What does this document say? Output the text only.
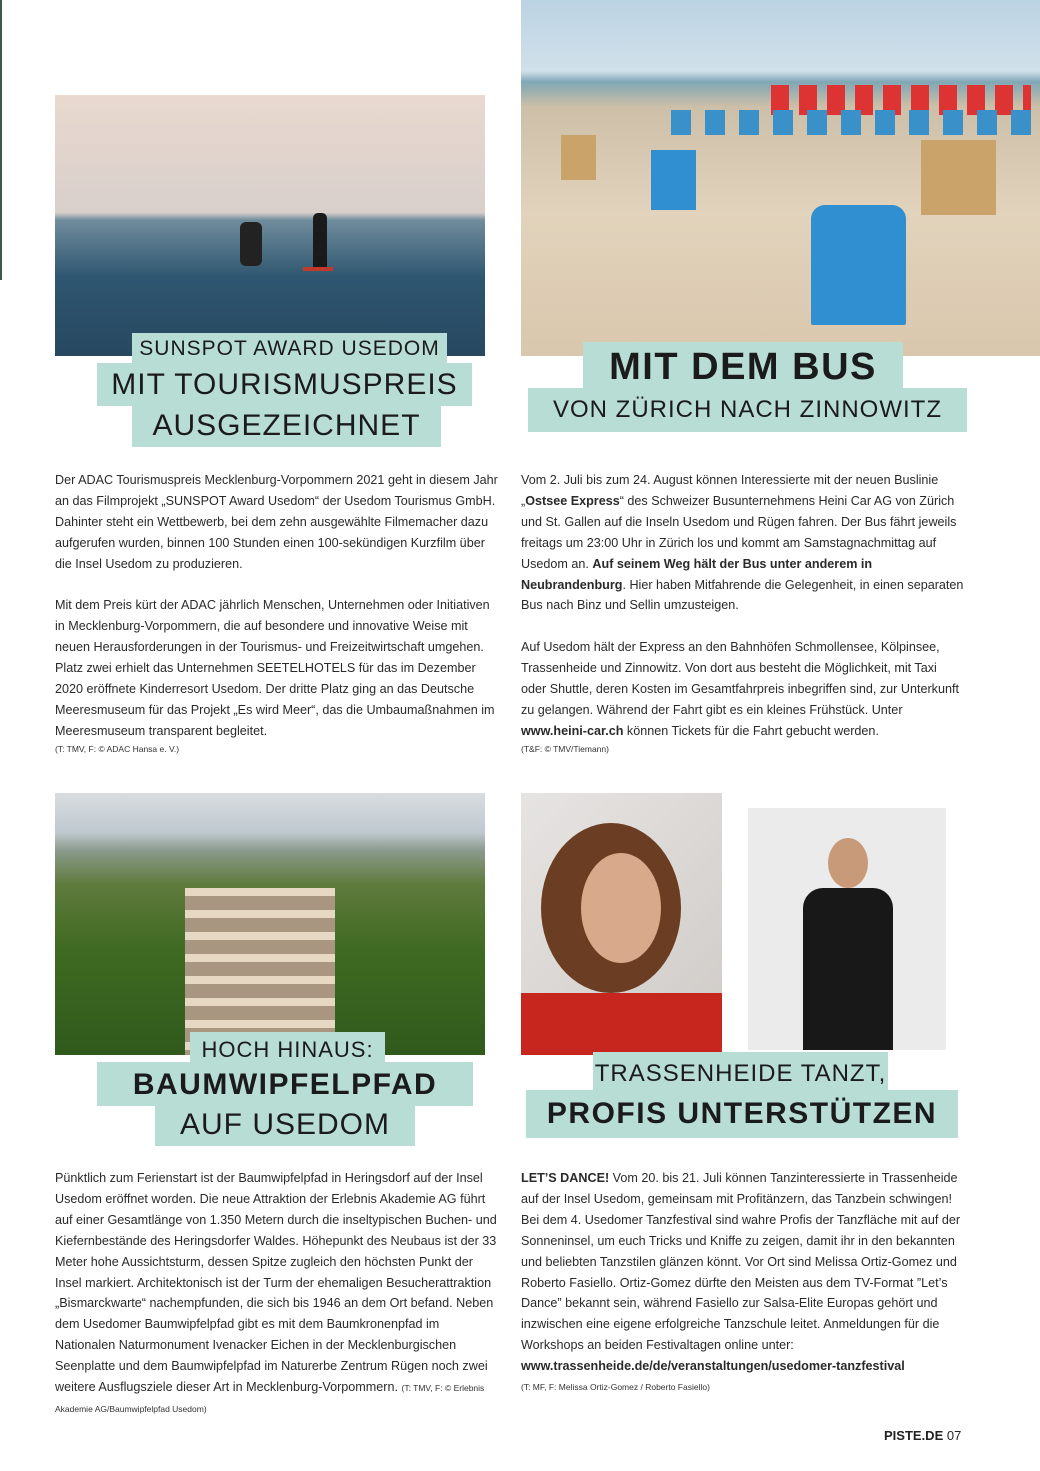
SUNSPOT AWARD USEDOM
MIT TOURISMUSPREIS
AUSGEZEICHNET
MIT DEM BUS
VON ZÜRICH NACH ZINNOWITZ

Der ADAC Tourismuspreis Mecklenburg-Vorpommern 2021 geht in diesem Jahr an das Filmprojekt „SUNSPOT Award Usedom“ der Usedom Tourismus GmbH. Dahinter steht ein Wettbewerb, bei dem zehn ausgewählte Filmemacher dazu aufgerufen wurden, binnen 100 Stunden einen 100-sekündigen Kurzfilm über die Insel Usedom zu produzieren.

Mit dem Preis kürt der ADAC jährlich Menschen, Unternehmen oder Initiativen in Mecklenburg-Vorpommern, die auf besondere und innovative Weise mit neuen Herausforderungen in der Tourismus- und Freizeitwirtschaft umgehen. Platz zwei erhielt das Unternehmen SEETELHOTELS für das im Dezember 2020 eröffnete Kinderresort Usedom. Der dritte Platz ging an das Deutsche Meeresmuseum für das Projekt „Es wird Meer“, das die Umbaumaßnahmen im Meeresmuseum transparent begleitet.

(T: TMV, F: © ADAC Hansa e. V.)

Vom 2. Juli bis zum 24. August können Interessierte mit der neuen Buslinie „Ostsee Express“ des Schweizer Busunternehmens Heini Car AG von Zürich und St. Gallen auf die Inseln Usedom und Rügen fahren. Der Bus fährt jeweils freitags um 23:00 Uhr in Zürich los und kommt am Samstagnachmittag auf Usedom an. Auf seinem Weg hält der Bus unter anderem in Neubrandenburg. Hier haben Mitfahrende die Gelegenheit, in einen separaten Bus nach Binz und Sellin umzusteigen.

Auf Usedom hält der Express an den Bahnhöfen Schmollensee, Kölpinsee, Trassenheide und Zinnowitz. Von dort aus besteht die Möglichkeit, mit Taxi oder Shuttle, deren Kosten im Gesamtfahrpreis inbegriffen sind, zur Unterkunft zu gelangen. Während der Fahrt gibt es ein kleines Frühstück. Unter www.heini-car.ch können Tickets für die Fahrt gebucht werden.

(T&F: © TMV/Tiemann)
HOCH HINAUS:
BAUMWIPFELPFAD
AUF USEDOM
TRASSENHEIDE TANZT,
PROFIS UNTERSTÜTZEN

Pünktlich zum Ferienstart ist der Baumwipfelpfad in Heringsdorf auf der Insel Usedom eröffnet worden. Die neue Attraktion der Erlebnis Akademie AG führt auf einer Gesamtlänge von 1.350 Metern durch die inseltypischen Buchen- und Kiefernbestände des Heringsdorfer Waldes. Höhepunkt des Neubaus ist der 33 Meter hohe Aussichtsturm, dessen Spitze zugleich den höchsten Punkt der Insel markiert. Architektonisch ist der Turm der ehemaligen Besucherattraktion „Bismarckwarte“ nachempfunden, die sich bis 1946 an dem Ort befand. Neben dem Usedomer Baumwipfelpfad gibt es mit dem Baumkronenpfad im Nationalen Naturmonument Ivenacker Eichen in der Mecklenburgischen Seenplatte und dem Baumwipfelpfad im Naturerbe Zentrum Rügen noch zwei weitere Ausflugsziele dieser Art in Mecklenburg-Vorpommern. (T: TMV, F: © Erlebnis Akademie AG/Baumwipfelpfad Usedom)

LET’S DANCE! Vom 20. bis 21. Juli können Tanzinteressierte in Trassenheide auf der Insel Usedom, gemeinsam mit Profitänzern, das Tanzbein schwingen! Bei dem 4. Usedomer Tanzfestival sind wahre Profis der Tanzfläche mit auf der Sonneninsel, um euch Tricks und Kniffe zu zeigen, damit ihr in den bekannten und beliebten Tanzstilen glänzen könnt. Vor Ort sind Melissa Ortiz-Gomez und Roberto Fasiello. Ortiz-Gomez dürfte den Meisten aus dem TV-Format ”Let’s Dance” bekannt sein, während Fasiello zur Salsa-Elite Europas gehört und inzwischen eine eigene erfolgreiche Tanzschule leitet. Anmeldungen für die Workshops an beiden Festivaltagen online unter: www.trassenheide.de/de/veranstaltungen/usedomer-tanzfestival

(T: MF, F: Melissa Ortiz-Gomez / Roberto Fasiello)
PISTE.DE 07
